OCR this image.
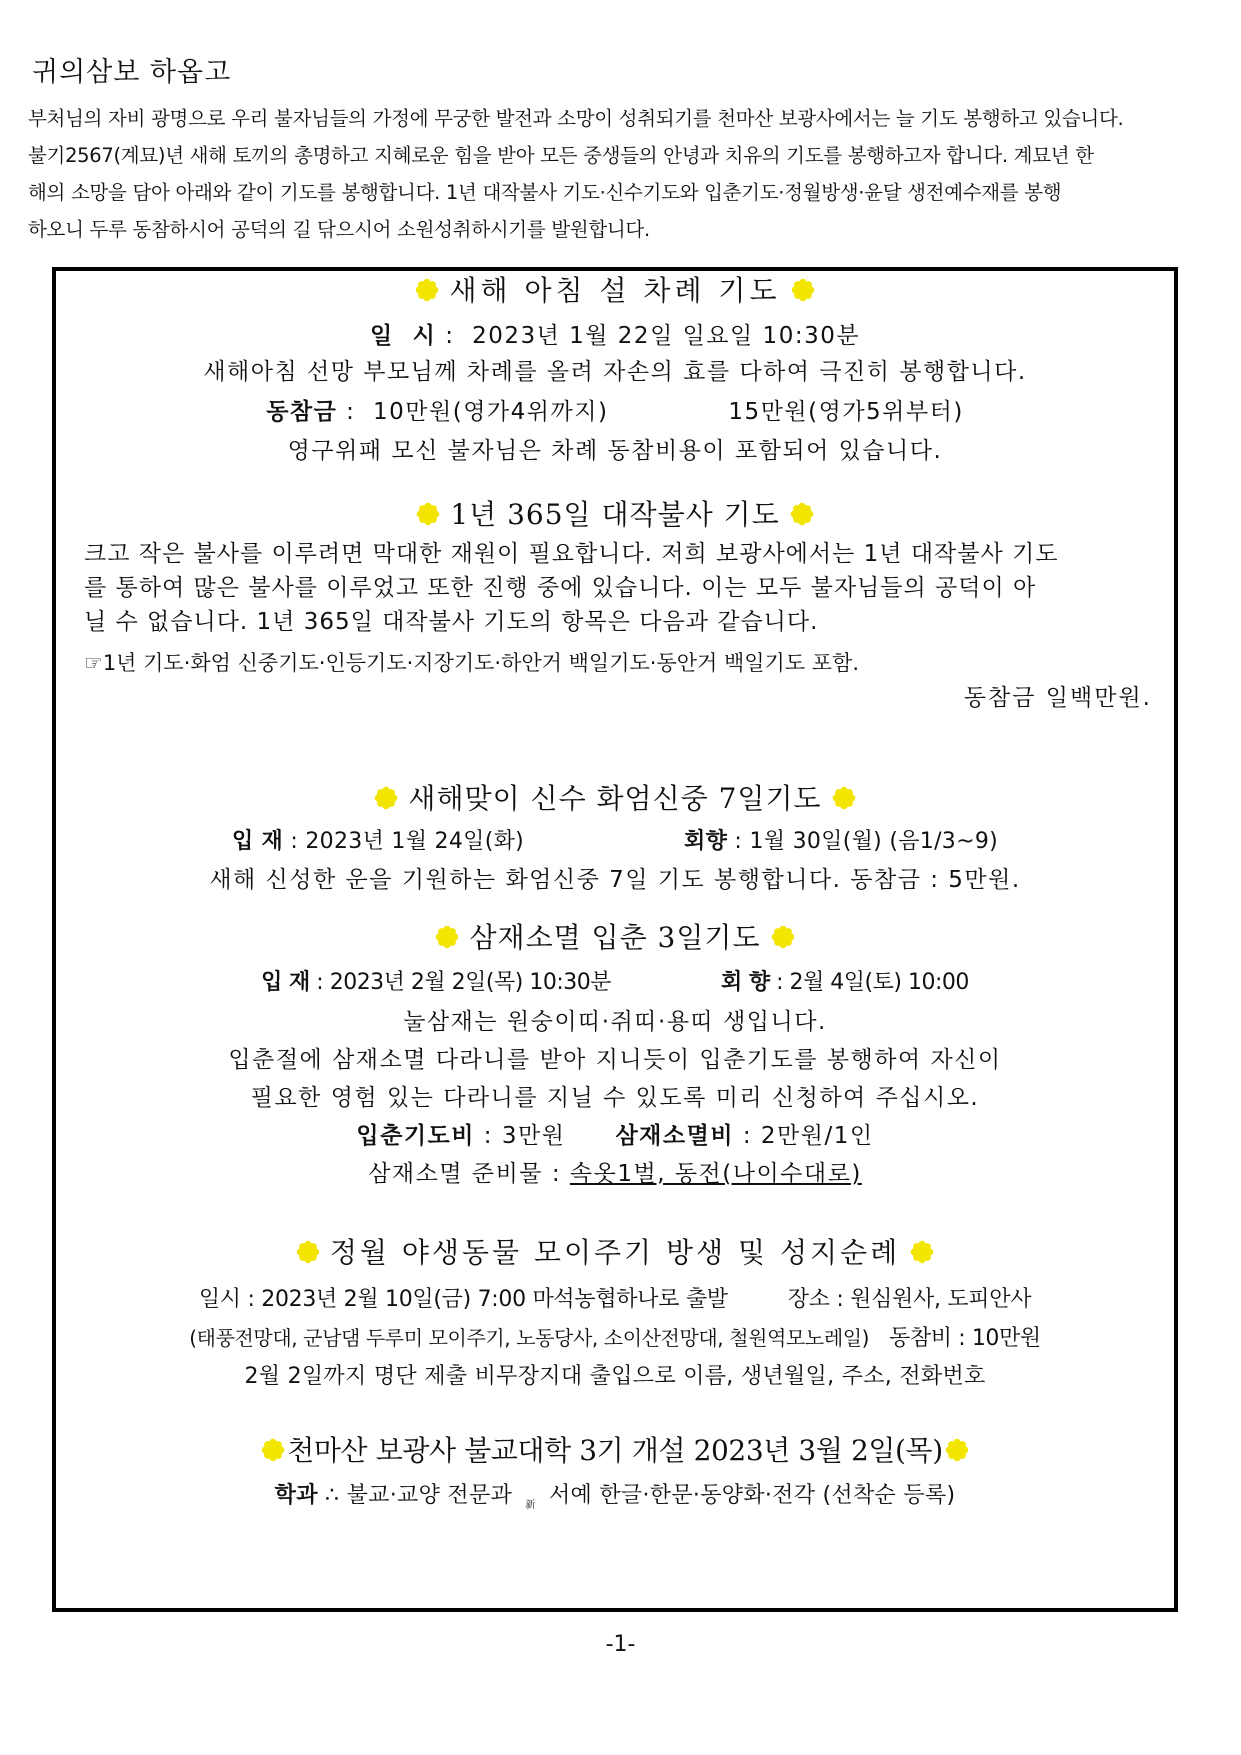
귀의삼보 하옵고
부처님의 자비 광명으로 우리 불자님들의 가정에 무궁한 발전과 소망이 성취되기를 천마산 보광사에서는 늘 기도 봉행하고 있습니다.
불기2567(계묘)년 새해 토끼의 총명하고 지혜로운 힘을 받아 모든 중생들의 안녕과 치유의 기도를 봉행하고자 합니다. 계묘년 한
해의 소망을 담아 아래와 같이 기도를 봉행합니다. 1년 대작불사 기도·신수기도와 입춘기도·정월방생·윤달 생전예수재를 봉행
하오니 두루 동참하시어 공덕의 길 닦으시어 소원성취하시기를 발원합니다.
새해 아침 설 차례 기도
일  시 :  2023년 1월 22일 일요일 10:30분
새해아침 선망 부모님께 차례를 올려 자손의 효를 다하여 극진히 봉행합니다.
동참금 :  10만원(영가4위까지)	15만원(영가5위부터)
영구위패 모신 불자님은 차례 동참비용이 포함되어 있습니다.
1년 365일 대작불사 기도
크고 작은 불사를 이루려면 막대한 재원이 필요합니다. 저희 보광사에서는 1년 대작불사 기도
를 통하여 많은 불사를 이루었고 또한 진행 중에 있습니다. 이는 모두 불자님들의 공덕이 아
닐 수 없습니다. 1년 365일 대작불사 기도의 항목은 다음과 같습니다.
☞1년 기도·화엄 신중기도·인등기도·지장기도·하안거 백일기도·동안거 백일기도 포함.
동참금 일백만원.
새해맞이 신수 화엄신중 7일기도
입 재 : 2023년 1월 24일(화)	회향 : 1월 30일(월) (음1/3~9)
새해 신성한 운을 기원하는 화엄신중 7일 기도 봉행합니다. 동참금 : 5만원.
삼재소멸 입춘 3일기도
입 재 : 2023년 2월 2일(목) 10:30분	회 향 : 2월 4일(토) 10:00
눌삼재는 원숭이띠·쥐띠·용띠 생입니다.
입춘절에 삼재소멸 다라니를 받아 지니듯이 입춘기도를 봉행하여 자신이
필요한 영험 있는 다라니를 지닐 수 있도록 미리 신청하여 주십시오.
입춘기도비 : 3만원 삼재소멸비 : 2만원/1인
삼재소멸 준비물 : 속옷1벌, 동전(나이수대로)
정월 야생동물 모이주기 방생 및 성지순례
일시 : 2023년 2월 10일(금) 7:00 마석농협하나로 출발	장소 : 원심원사, 도피안사
(태풍전망대, 군남댐 두루미 모이주기, 노동당사, 소이산전망대, 철원역모노레일) 동참비 : 10만원
2월 2일까지 명단 제출 비무장지대 출입으로 이름, 생년월일, 주소, 전화번호
천마산 보광사 불교대학 3기 개설 2023년 3월 2일(목)
학과 ∴ 불교·교양 전문과 $_新$ 서예 한글·한문·동양화·전각 (선착순 등록)
-1-
